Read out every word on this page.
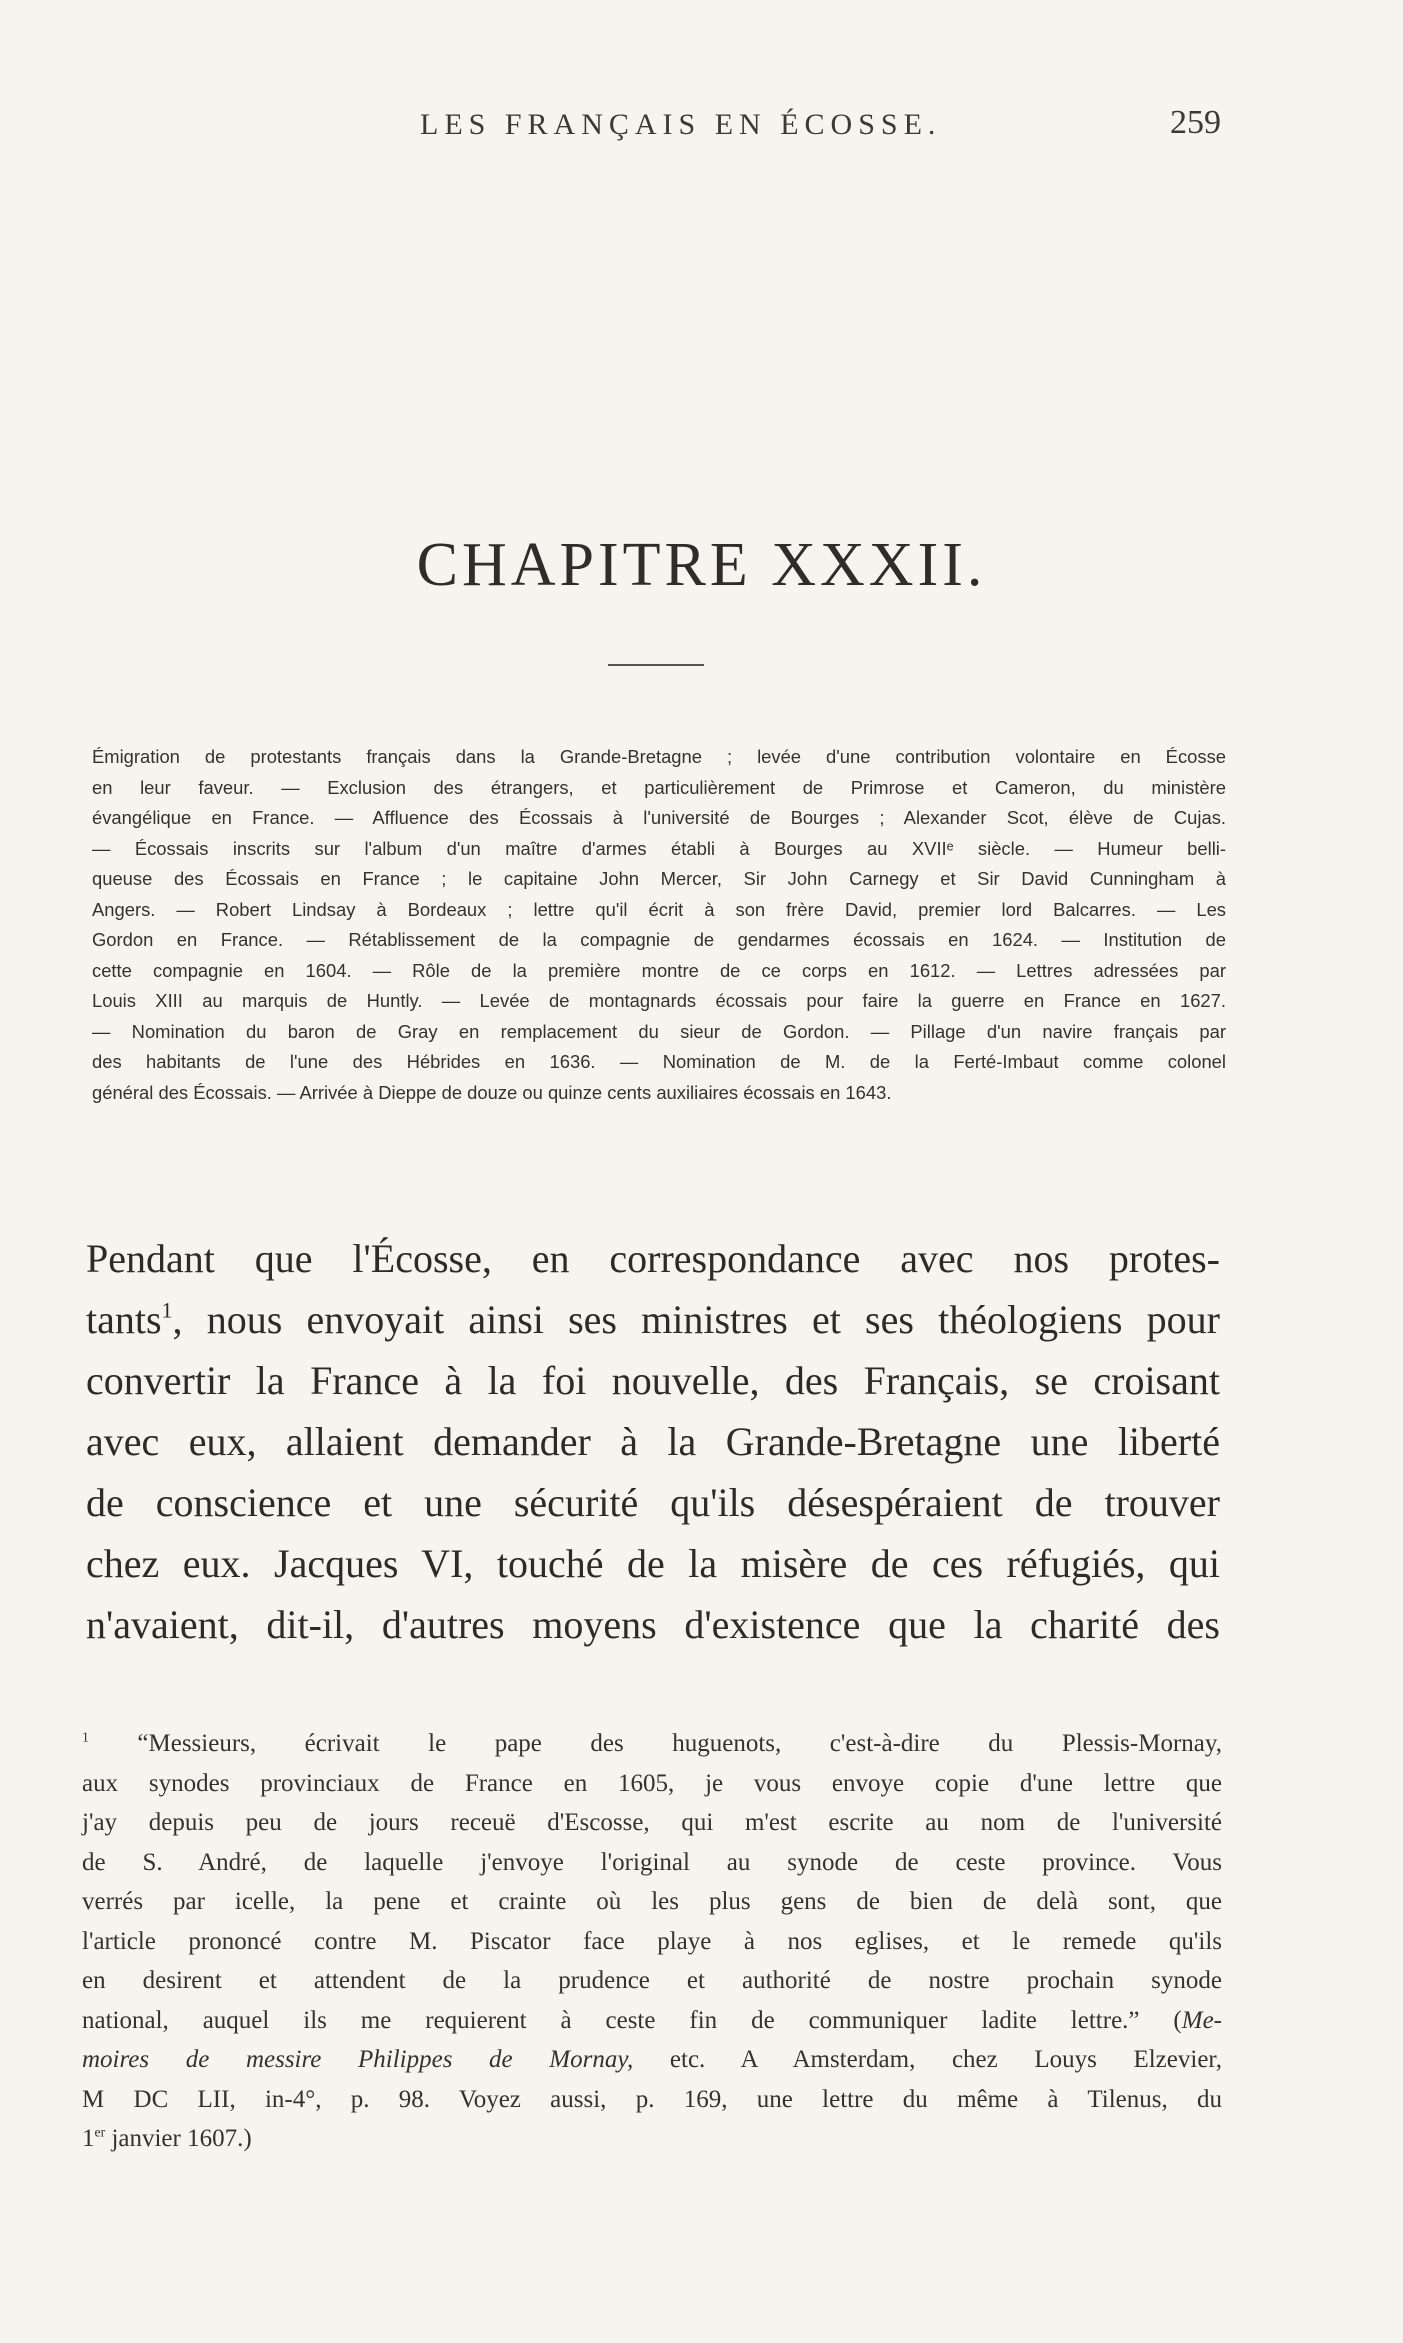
LES FRANÇAIS EN ÉCOSSE.	259
CHAPITRE XXXII.
Émigration de protestants français dans la Grande-Bretagne ; levée d'une contribution volontaire en Écosse
en leur faveur. — Exclusion des étrangers, et particulièrement de Primrose et Cameron, du ministère
évangélique en France. — Affluence des Écossais à l'université de Bourges ; Alexander Scot, élève de Cujas.
— Écossais inscrits sur l'album d'un maître d'armes établi à Bourges au XVIIᵉ siècle. — Humeur belli-
queuse des Écossais en France ; le capitaine John Mercer, Sir John Carnegy et Sir David Cunningham à
Angers. — Robert Lindsay à Bordeaux ; lettre qu'il écrit à son frère David, premier lord Balcarres. — Les
Gordon en France. — Rétablissement de la compagnie de gendarmes écossais en 1624. — Institution de
cette compagnie en 1604. — Rôle de la première montre de ce corps en 1612. — Lettres adressées par
Louis XIII au marquis de Huntly. — Levée de montagnards écossais pour faire la guerre en France en 1627.
— Nomination du baron de Gray en remplacement du sieur de Gordon. — Pillage d'un navire français par
des habitants de l'une des Hébrides en 1636. — Nomination de M. de la Ferté-Imbaut comme colonel
général des Écossais. — Arrivée à Dieppe de douze ou quinze cents auxiliaires écossais en 1643.
Pendant que l'Écosse, en correspondance avec nos protes-
tants$^1$, nous envoyait ainsi ses ministres et ses théologiens pour
convertir la France à la foi nouvelle, des Français, se croisant
avec eux, allaient demander à la Grande-Bretagne une liberté
de conscience et une sécurité qu'ils désespéraient de trouver
chez eux. Jacques VI, touché de la misère de ces réfugiés, qui
n'avaient, dit-il, d'autres moyens d'existence que la charité des
$^1$ “Messieurs, écrivait le pape des huguenots, c'est-à-dire du Plessis-Mornay,
aux synodes provinciaux de France en 1605, je vous envoye copie d'une lettre que
j'ay depuis peu de jours receuë d'Escosse, qui m'est escrite au nom de l'université
de S. André, de laquelle j'envoye l'original au synode de ceste province. Vous
verrés par icelle, la pene et crainte où les plus gens de bien de delà sont, que
l'article prononcé contre M. Piscator face playe à nos eglises, et le remede qu'ils
en desirent et attendent de la prudence et authorité de nostre prochain synode
national, auquel ils me requierent à ceste fin de communiquer ladite lettre.” (Me-
moires de messire Philippes de Mornay, etc. A Amsterdam, chez Louys Elzevier,
M DC LII, in-4°, p. 98. Voyez aussi, p. 169, une lettre du même à Tilenus, du
1er janvier 1607.)
